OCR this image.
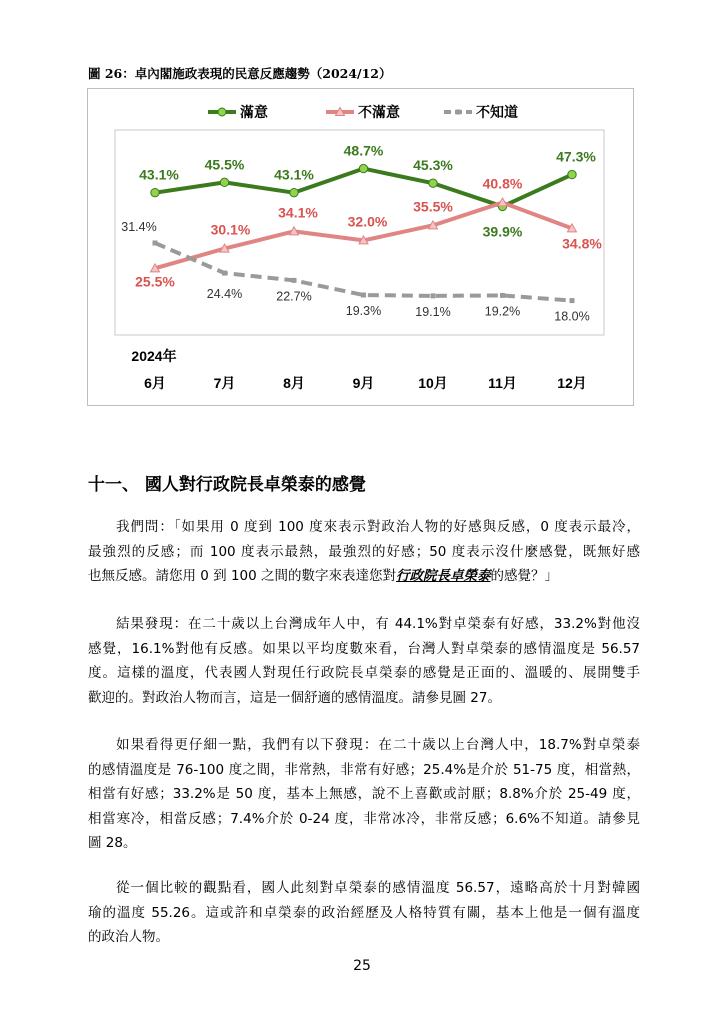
圖 26：卓內閣施政表現的民意反應趨勢（2024/12）
滿意	不滿意	不知道
43.1%
45.5%
43.1%
48.7%
45.3%
39.9%
47.3%
25.5%
30.1%
34.1%
32.0%
35.5%
40.8%
34.8%
31.4%
24.4%	22.7%
19.3%	19.1%	19.2%	18.0%
2024年
6月	7月	8月	9月	10月	11月	12月
十一、 國人對行政院長卓榮泰的感覺
我們問：「如果用 0 度到 100 度來表示對政治人物的好感與反感，0 度表示最冷，
最強烈的反感；而 100 度表示最熱，最強烈的好感；50 度表示沒什麼感覺，既無好感
也無反感。請您用 0 到 100 之間的數字來表達您對行政院長卓榮泰的感覺？」
結果發現：在二十歲以上台灣成年人中，有 44.1%對卓榮泰有好感，33.2%對他沒
感覺，16.1%對他有反感。如果以平均度數來看，台灣人對卓榮泰的感情溫度是 56.57
度。這樣的溫度，代表國人對現任行政院長卓榮泰的感覺是正面的、溫暖的、展開雙手
歡迎的。對政治人物而言，這是一個舒適的感情溫度。請參見圖 27。
如果看得更仔細一點，我們有以下發現：在二十歲以上台灣人中，18.7%對卓榮泰
的感情溫度是 76-100 度之間，非常熱，非常有好感；25.4%是介於 51-75 度，相當熱，
相當有好感；33.2%是 50 度，基本上無感，說不上喜歡或討厭；8.8%介於 25-49 度，
相當寒冷，相當反感；7.4%介於 0-24 度，非常冰冷，非常反感；6.6%不知道。請參見
圖 28。
從一個比較的觀點看，國人此刻對卓榮泰的感情溫度 56.57，遠略高於十月對韓國
瑜的溫度 55.26。這或許和卓榮泰的政治經歷及人格特質有關，基本上他是一個有溫度
的政治人物。
25
